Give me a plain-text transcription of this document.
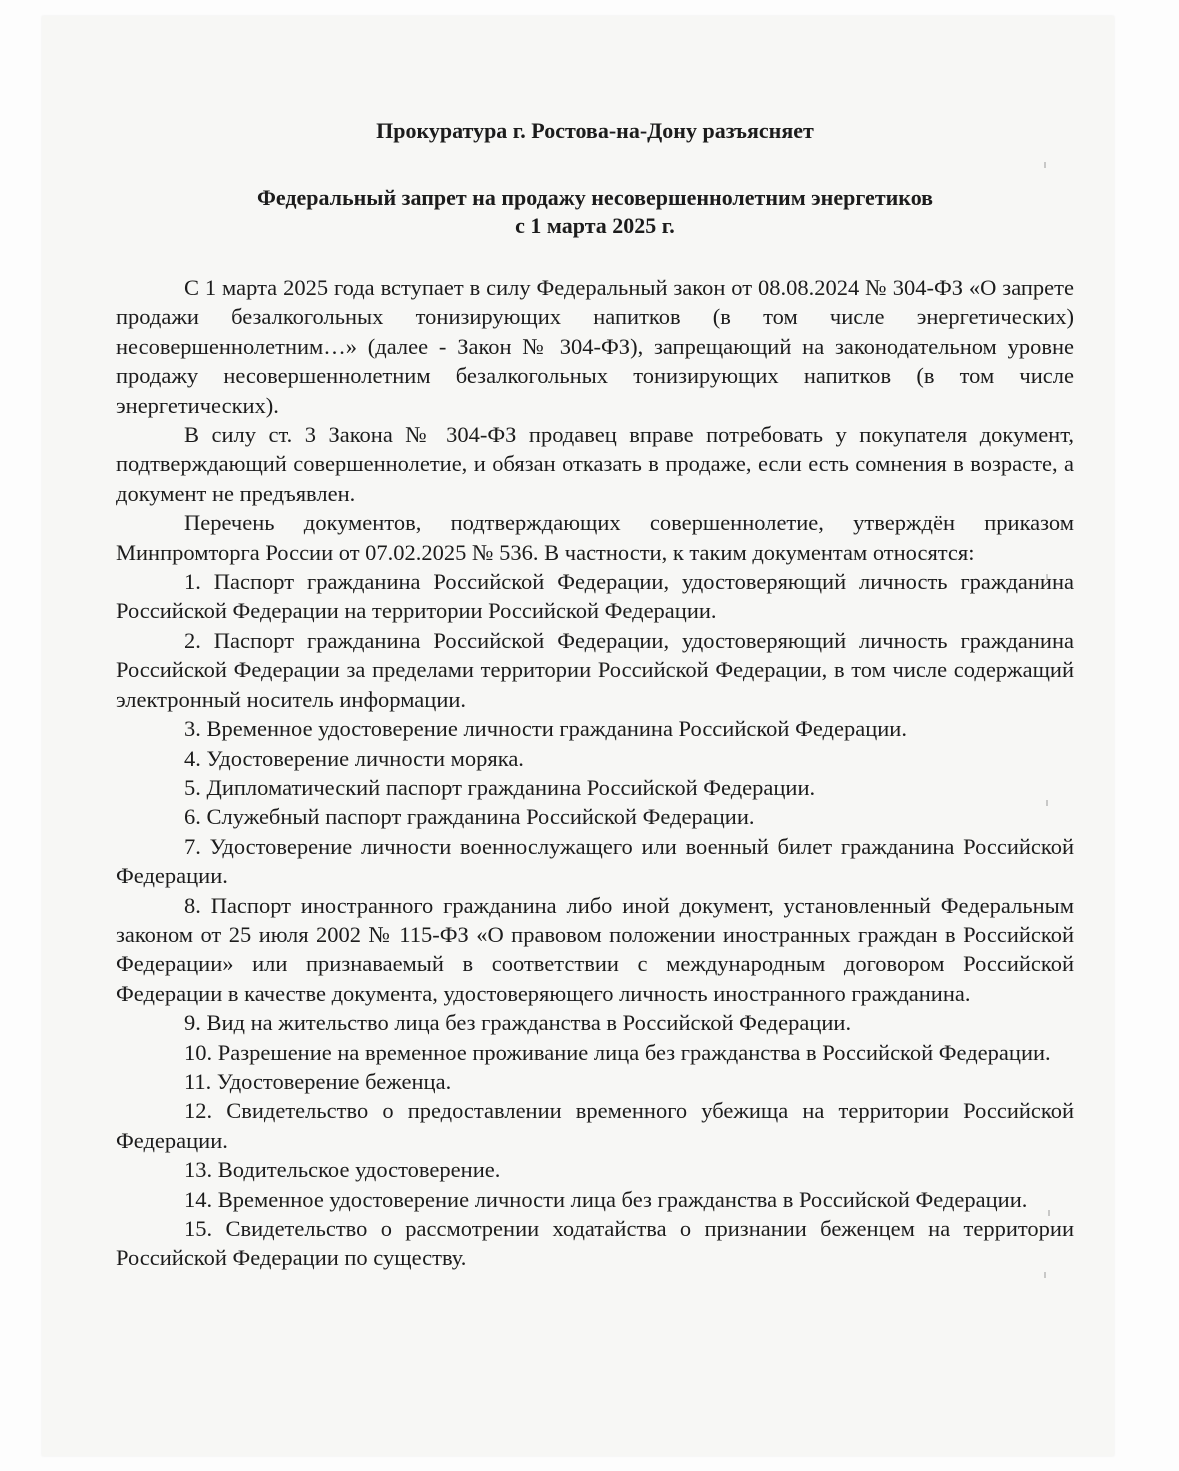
Прокуратура г. Ростова-на-Дону разъясняет
Федеральный запрет на продажу несовершеннолетним энергетиков
с 1 марта 2025 г.

С 1 марта 2025 года вступает в силу Федеральный закон от 08.08.2024 № 304-ФЗ «О запрете продажи безалкогольных тонизирующих напитков (в том числе энергетических) несовершеннолетним…» (далее - Закон № 304-ФЗ), запрещающий на законодательном уровне продажу несовершеннолетним безалкогольных тонизирующих напитков (в том числе энергетических).

В силу ст. 3 Закона № 304-ФЗ продавец вправе потребовать у покупателя документ, подтверждающий совершеннолетие, и обязан отказать в продаже, если есть сомнения в возрасте, а документ не предъявлен.

Перечень документов, подтверждающих совершеннолетие, утверждён приказом Минпромторга России от 07.02.2025 № 536. В частности, к таким документам относятся:

1. Паспорт гражданина Российской Федерации, удостоверяющий личность гражданина Российской Федерации на территории Российской Федерации.

2. Паспорт гражданина Российской Федерации, удостоверяющий личность гражданина Российской Федерации за пределами территории Российской Федерации, в том числе содержащий электронный носитель информации.

3. Временное удостоверение личности гражданина Российской Федерации.

4. Удостоверение личности моряка.

5. Дипломатический паспорт гражданина Российской Федерации.

6. Служебный паспорт гражданина Российской Федерации.

7. Удостоверение личности военнослужащего или военный билет гражданина Российской Федерации.

8. Паспорт иностранного гражданина либо иной документ, установленный Федеральным законом от 25 июля 2002 № 115-ФЗ «О правовом положении иностранных граждан в Российской Федерации» или признаваемый в соответствии с международным договором Российской Федерации в качестве документа, удостоверяющего личность иностранного гражданина.

9. Вид на жительство лица без гражданства в Российской Федерации.

10. Разрешение на временное проживание лица без гражданства в Российской Федерации.

11. Удостоверение беженца.

12. Свидетельство о предоставлении временного убежища на территории Российской Федерации.

13. Водительское удостоверение.

14. Временное удостоверение личности лица без гражданства в Российской Федерации.

15. Свидетельство о рассмотрении ходатайства о признании беженцем на территории Российской Федерации по существу.
